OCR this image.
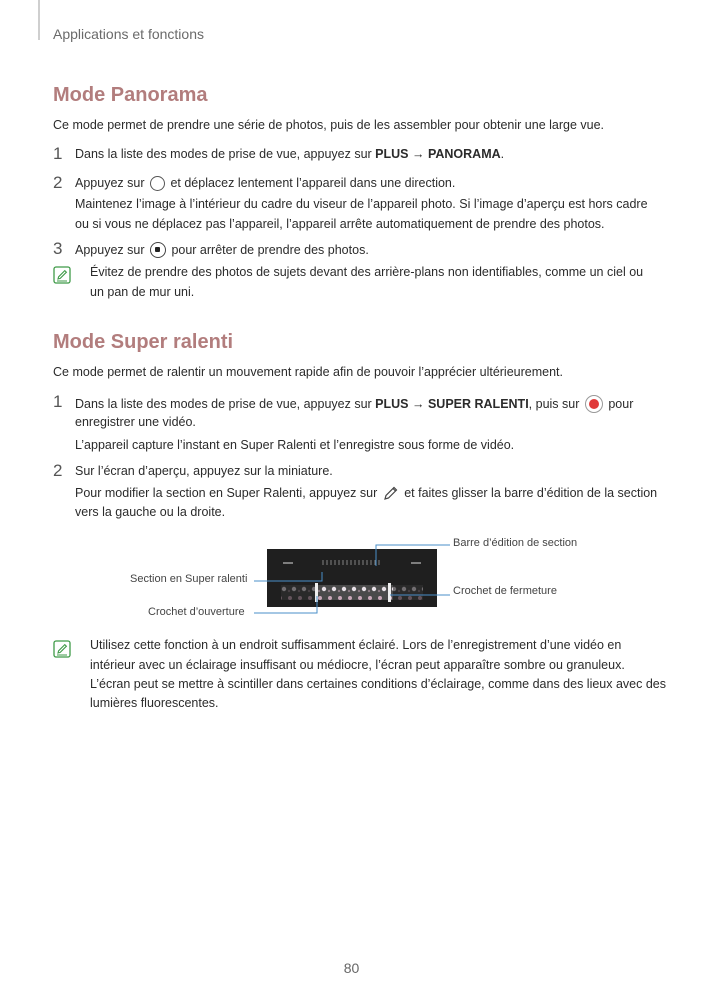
Applications et fonctions
Mode Panorama
Ce mode permet de prendre une série de photos, puis de les assembler pour obtenir une large vue.
1 Dans la liste des modes de prise de vue, appuyez sur PLUS → PANORAMA.
2 Appuyez sur  et déplacez lentement l’appareil dans une direction.
Maintenez l’image à l’intérieur du cadre du viseur de l’appareil photo. Si l’image d’aperçu est hors cadre
ou si vous ne déplacez pas l’appareil, l’appareil arrête automatiquement de prendre des photos.
3 Appuyez sur  pour arrêter de prendre des photos.
Évitez de prendre des photos de sujets devant des arrière-plans non identifiables, comme un ciel ou
un pan de mur uni.
Mode Super ralenti
Ce mode permet de ralentir un mouvement rapide afin de pouvoir l’apprécier ultérieurement.
1 Dans la liste des modes de prise de vue, appuyez sur PLUS → SUPER RALENTI, puis sur  pour
enregistrer une vidéo.
L’appareil capture l’instant en Super Ralenti et l’enregistre sous forme de vidéo.
2 Sur l’écran d’aperçu, appuyez sur la miniature.
Pour modifier la section en Super Ralenti, appuyez sur  et faites glisser la barre d’édition de la section
vers la gauche ou la droite.
Barre d’édition de section
Section en Super ralenti
Crochet de fermeture
Crochet d’ouverture
Utilisez cette fonction à un endroit suffisamment éclairé. Lors de l’enregistrement d’une vidéo en
intérieur avec un éclairage insuffisant ou médiocre, l’écran peut apparaître sombre ou granuleux.
L’écran peut se mettre à scintiller dans certaines conditions d’éclairage, comme dans des lieux avec des
lumières fluorescentes.
80
